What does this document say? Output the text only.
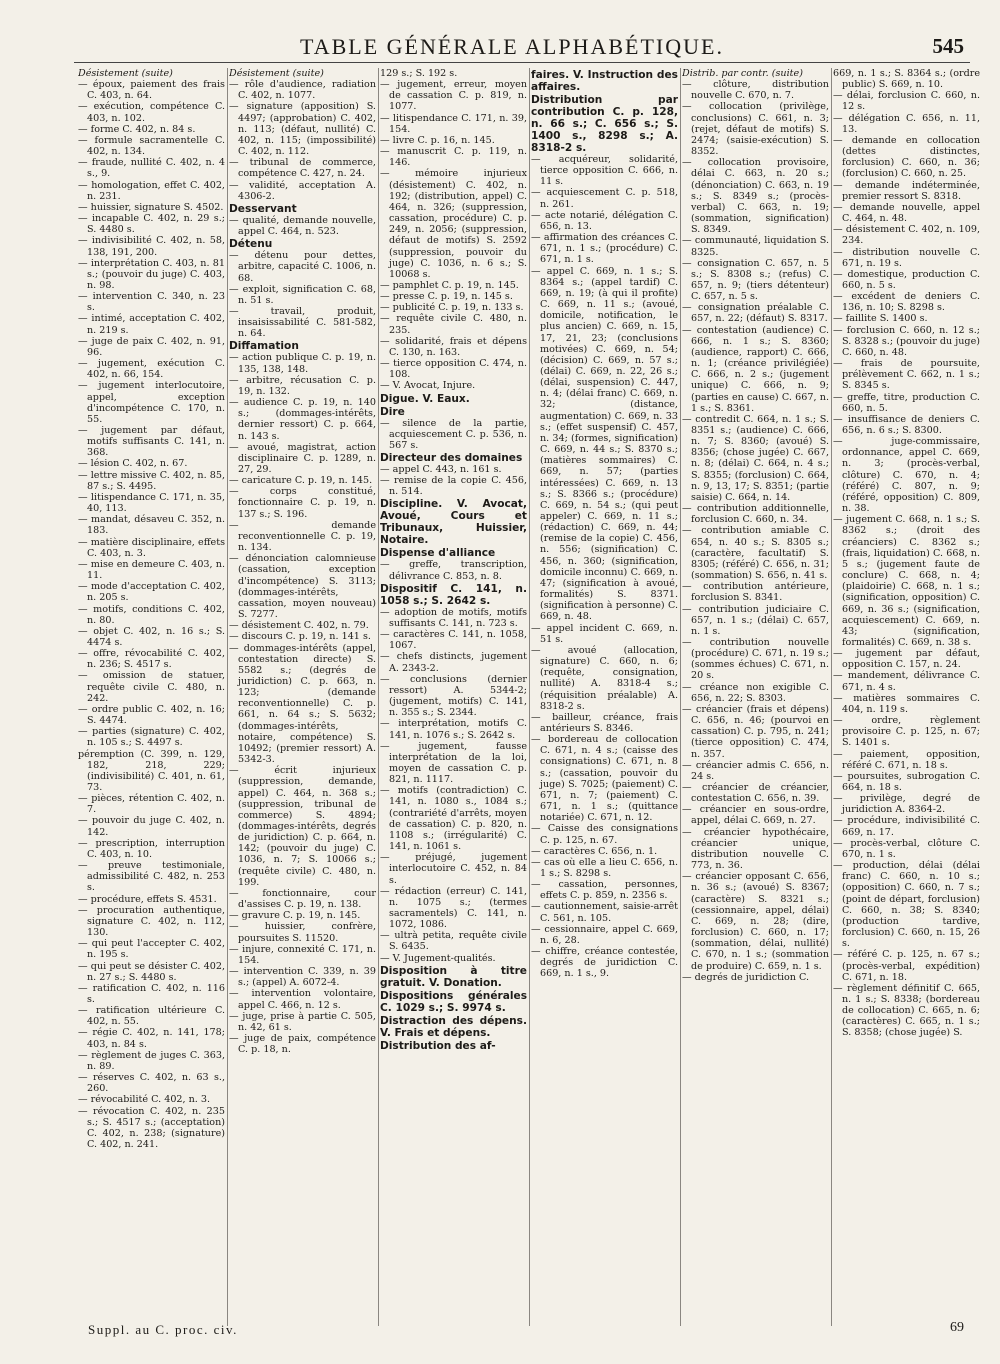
TABLE GÉNÉRALE ALPHABÉTIQUE.	545

Désistement (suite)

— époux, paiement des frais C. 403, n. 64.

— exécution, compétence C. 403, n. 102.

— forme C. 402, n. 84 s.

— formule sacramentelle C. 402, n. 134.

— fraude, nullité C. 402, n. 4 s., 9.

— homologation, effet C. 402, n. 231.

— huissier, signature S. 4502.

— incapable C. 402, n. 29 s.; S. 4480 s.

— indivisibilité C. 402, n. 58, 138, 191, 200.

— interprétation C. 403, n. 81 s.; (pouvoir du juge) C. 403, n. 98.

— intervention C. 340, n. 23 s.

— intimé, acceptation C. 402, n. 219 s.

— juge de paix C. 402, n. 91, 96.

— jugement, exécution C. 402, n. 66, 154.

— jugement interlocutoire, appel, exception d'incompétence C. 170, n. 55.

— jugement par défaut, motifs suffisants C. 141, n. 368.

— lésion C. 402, n. 67.

— lettre missive C. 402, n. 85, 87 s.; S. 4495.

— litispendance C. 171, n. 35, 40, 113.

— mandat, désaveu C. 352, n. 183.

— matière disciplinaire, effets C. 403, n. 3.

— mise en demeure C. 403, n. 11.

— mode d'acceptation C. 402, n. 205 s.

— motifs, conditions C. 402, n. 80.

— objet C. 402, n. 16 s.; S. 4474 s.

— offre, révocabilité C. 402, n. 236; S. 4517 s.

— omission de statuer, requête civile C. 480, n. 242.

— ordre public C. 402, n. 16; S. 4474.

— parties (signature) C. 402, n. 105 s.; S. 4497 s.

péremption (C. 399, n. 129, 182, 218, 229; (indivisibilité) C. 401, n. 61, 73.

— pièces, rétention C. 402, n. 7.

— pouvoir du juge C. 402, n. 142.

— prescription, interruption C. 403, n. 10.

— preuve testimoniale, admissibilité C. 482, n. 253 s.

— procédure, effets S. 4531.

— procuration authentique, signature C. 402, n. 112, 130.

— qui peut l'accepter C. 402, n. 195 s.

— qui peut se désister C. 402, n. 27 s.; S. 4480 s.

— ratification C. 402, n. 116 s.

— ratification ultérieure C. 402, n. 55.

— régie C. 402, n. 141, 178; 403, n. 84 s.

— règlement de juges C. 363, n. 89.

— réserves C. 402, n. 63 s., 260.

— révocabilité C. 402, n. 3.

— révocation C. 402, n. 235 s.; S. 4517 s.; (acceptation) C. 402, n. 238; (signature) C. 402, n. 241.

Désistement (suite)

— rôle d'audience, radiation C. 402, n. 1077.

— signature (apposition) S. 4497; (approbation) C. 402, n. 113; (défaut, nullité) C. 402, n. 115; (impossibilité) C. 402, n. 112.

— tribunal de commerce, compétence C. 427, n. 24.

— validité, acceptation A. 4306-2.

Desservant

— qualité, demande nouvelle, appel C. 464, n. 523.

Détenu

— détenu pour dettes, arbitre, capacité C. 1006, n. 68.

— exploit, signification C. 68, n. 51 s.

— travail, produit, insaisissabilité C. 581-582, n. 64.

Diffamation

— action publique C. p. 19, n. 135, 138, 148.

— arbitre, récusation C. p. 19, n. 132.

— audience C. p. 19, n. 140 s.; (dommages-intérêts, dernier ressort) C. p. 664, n. 143 s.

— avoué, magistrat, action disciplinaire C. p. 1289, n. 27, 29.

— caricature C. p. 19, n. 145.

— corps constitué, fonctionnaire C. p. 19, n. 137 s.; S. 196.

— demande reconventionnelle C. p. 19, n. 134.

— dénonciation calomnieuse (cassation, exception d'incompétence) S. 3113; (dommages-intérêts, cassation, moyen nouveau) S. 7277.

— désistement C. 402, n. 79.

— discours C. p. 19, n. 141 s.

— dommages-intérêts (appel, contestation directe) S. 5582 s.; (degrés de juridiction) C. p. 663, n. 123; (demande reconventionnelle) C. p. 661, n. 64 s.; S. 5632; (dommages-intérêts, notaire, compétence) S. 10492; (premier ressort) A. 5342-3.

— écrit injurieux (suppression, demande, appel) C. 464, n. 368 s.; (suppression, tribunal de commerce) S. 4894; (dommages-intérêts, degrés de juridiction) C. p. 664, n. 142; (pouvoir du juge) C. 1036, n. 7; S. 10066 s.; (requête civile) C. 480, n. 199.

— fonctionnaire, cour d'assises C. p. 19, n. 138.

— gravure C. p. 19, n. 145.

— huissier, confrère, poursuites S. 11520.

— injure, connexité C. 171, n. 154.

— intervention C. 339, n. 39 s.; (appel) A. 6072-4.

— intervention volontaire, appel C. 466, n. 12 s.

— juge, prise à partie C. 505, n. 42, 61 s.

— juge de paix, compétence C. p. 18, n.

129 s.; S. 192 s.

— jugement, erreur, moyen de cassation C. p. 819, n. 1077.

— litispendance C. 171, n. 39, 154.

— livre C. p. 16, n. 145.

— manuscrit C. p. 119, n. 146.

— mémoire injurieux (désistement) C. 402, n. 192; (distribution, appel) C. 464, n. 326; (suppression, cassation, procédure) C. p. 249, n. 2056; (suppression, défaut de motifs) S. 2592 (suppression, pouvoir du juge) C. 1036, n. 6 s.; S. 10068 s.

— pamphlet C. p. 19, n. 145.

— presse C. p. 19, n. 145 s.

— publicité C. p. 19, n. 133 s.

— requête civile C. 480, n. 235.

— solidarité, frais et dépens C. 130, n. 163.

— tierce opposition C. 474, n. 108.

— V. Avocat, Injure.

Digue. V. Eaux.

Dire

— silence de la partie, acquiescement C. p. 536, n. 567 s.

Directeur des domaines

— appel C. 443, n. 161 s.

— remise de la copie C. 456, n. 514.

Discipline. V. Avocat, Avoué, Cours et Tribunaux, Huissier, Notaire.

Dispense d'alliance

— greffe, transcription, délivrance C. 853, n. 8.

Dispositif C. 141, n. 1058 s.; S. 2642 s.

— adoption de motifs, motifs suffisants C. 141, n. 723 s.

— caractères C. 141, n. 1058, 1067.

— chefs distincts, jugement A. 2343-2.

— conclusions (dernier ressort) A. 5344-2; (jugement, motifs) C. 141, n. 355 s.; S. 2344.

— interprétation, motifs C. 141, n. 1076 s.; S. 2642 s.

— jugement, fausse interprétation de la loi, moyen de cassation C. p. 821, n. 1117.

— motifs (contradiction) C. 141, n. 1080 s., 1084 s.; (contrariété d'arrêts, moyen de cassation) C. p. 820, n. 1108 s.; (irrégularité) C. 141, n. 1061 s.

— préjugé, jugement interlocutoire C. 452, n. 84 s.

— rédaction (erreur) C. 141, n. 1075 s.; (termes sacramentels) C. 141, n. 1072, 1086.

— ultrà petita, requête civile S. 6435.

— V. Jugement-qualités.

Disposition à titre gratuit. V. Donation.

Dispositions générales C. 1029 s.; S. 9974 s.

Distraction des dépens. V. Frais et dépens.

Distribution des af-

faires. V. Instruction des affaires.

Distribution par contribution C. p. 128, n. 66 s.; C. 656 s.; S. 1400 s., 8298 s.; A. 8318-2 s.

— acquéreur, solidarité, tierce opposition C. 666, n. 11 s.

— acquiescement C. p. 518, n. 261.

— acte notarié, délégation C. 656, n. 13.

— affirmation des créances C. 671, n. 1 s.; (procédure) C. 671, n. 1 s.

— appel C. 669, n. 1 s.; S. 8364 s.; (appel tardif) C. 669, n. 19; (à qui il profite) C. 669, n. 11 s.; (avoué, domicile, notification, le plus ancien) C. 669, n. 15, 17, 21, 23; (conclusions motivées) C. 669, n. 54; (décision) C. 669, n. 57 s.; (délai) C. 669, n. 22, 26 s.; (délai, suspension) C. 447, n. 4; (délai franc) C. 669, n. 32; (distance, augmentation) C. 669, n. 33 s.; (effet suspensif) C. 457, n. 34; (formes, signification) C. 669, n. 44 s.; S. 8370 s.; (matières sommaires) C. 669, n. 57; (parties intéressées) C. 669, n. 13 s.; S. 8366 s.; (procédure) C. 669, n. 54 s.; (qui peut appeler) C. 669, n. 11 s.; (rédaction) C. 669, n. 44; (remise de la copie) C. 456, n. 556; (signification) C. 456, n. 360; (signification, domicile inconnu) C. 669, n. 47; (signification à avoué, formalités) S. 8371. (signification à personne) C. 669, n. 48.

— appel incident C. 669, n. 51 s.

— avoué (allocation, signature) C. 660, n. 6; (requête, consignation, nullité) A. 8318-4 s.; (réquisition préalable) A. 8318-2 s.

— bailleur, créance, frais antérieurs S. 8346.

— bordereau de collocation C. 671, n. 4 s.; (caisse des consignations) C. 671, n. 8 s.; (cassation, pouvoir du juge) S. 7025; (paiement) C. 671, n. 7; (paiement) C. 671, n. 1 s.; (quittance notariée) C. 671, n. 12.

— Caisse des consignations C. p. 125, n. 67.

— caractères C. 656, n. 1.

— cas où elle a lieu C. 656, n. 1 s.; S. 8298 s.

— cassation, personnes, effets C. p. 859, n. 2356 s.

— cautionnement, saisie-arrêt C. 561, n. 105.

— cessionnaire, appel C. 669, n. 6, 28.

— chiffre, créance contestée, degrés de juridiction C. 669, n. 1 s., 9.

Distrib. par contr. (suite)

— clôture, distribution nouvelle C. 670, n. 7.

— collocation (privilège, conclusions) C. 661, n. 3; (rejet, défaut de motifs) S. 2474; (saisie-exécution) S. 8352.

— collocation provisoire, délai C. 663, n. 20 s.; (dénonciation) C. 663, n. 19 s.; S. 8349 s.; (procès-verbal) C. 663, n. 19; (sommation, signification) S. 8349.

— communauté, liquidation S. 8325.

— consignation C. 657, n. 5 s.; S. 8308 s.; (refus) C. 657, n. 9; (tiers détenteur) C. 657, n. 5 s.

— consignation préalable C. 657, n. 22; (défaut) S. 8317.

— contestation (audience) C. 666, n. 1 s.; S. 8360; (audience, rapport) C. 666, n. 1; (créance privilégiée) C. 666, n. 2 s.; (jugement unique) C. 666, n. 9; (parties en cause) C. 667, n. 1 s.; S. 8361.

— contredit C. 664, n. 1 s.; S. 8351 s.; (audience) C. 666, n. 7; S. 8360; (avoué) S. 8356; (chose jugée) C. 667, n. 8; (délai) C. 664, n. 4 s.; S. 8355; (forclusion) C. 664, n. 9, 13, 17; S. 8351; (partie saisie) C. 664, n. 14.

— contribution additionnelle, forclusion C. 660, n. 34.

— contribution amiable C. 654, n. 40 s.; S. 8305 s.; (caractère, facultatif) S. 8305; (référé) C. 656, n. 31; (sommation) S. 656, n. 41 s.

— contribution antérieure, forclusion S. 8341.

— contribution judiciaire C. 657, n. 1 s.; (délai) C. 657, n. 1 s.

— contribution nouvelle (procédure) C. 671, n. 19 s.; (sommes échues) C. 671, n. 20 s.

— créance non exigible C. 656, n. 22; S. 8303.

— créancier (frais et dépens) C. 656, n. 46; (pourvoi en cassation) C. p. 795, n. 241; (tierce opposition) C. 474, n. 357.

— créancier admis C. 656, n. 24 s.

— créancier de créancier, contestation C. 656, n. 39.

— créancier en sous-ordre, appel, délai C. 669, n. 27.

— créancier hypothécaire, créancier unique, distribution nouvelle C. 773, n. 36.

— créancier opposant C. 656, n. 36 s.; (avoué) S. 8367; (caractère) S. 8321 s.; (cessionnaire, appel, délai) C. 669, n. 28; (dire, forclusion) C. 660, n. 17; (sommation, délai, nullité) C. 670, n. 1 s.; (sommation de produire) C. 659, n. 1 s.

— degrés de juridiction C.

669, n. 1 s.; S. 8364 s.; (ordre public) S. 669, n. 10.

— délai, forclusion C. 660, n. 12 s.

— délégation C. 656, n. 11, 13.

— demande en collocation (dettes distinctes, forclusion) C. 660, n. 36; (forclusion) C. 660, n. 25.

— demande indéterminée, premier ressort S. 8318.

— demande nouvelle, appel C. 464, n. 48.

— désistement C. 402, n. 109, 234.

— distribution nouvelle C. 671, n. 19 s.

— domestique, production C. 660, n. 5 s.

— excédent de deniers C. 136, n. 10; S. 8298 s.

— faillite S. 1400 s.

— forclusion C. 660, n. 12 s.; S. 8328 s.; (pouvoir du juge) C. 660, n. 48.

— frais de poursuite, prélèvement C. 662, n. 1 s.; S. 8345 s.

— greffe, titre, production C. 660, n. 5.

— insuffisance de deniers C. 656, n. 6 s.; S. 8300.

— juge-commissaire, ordonnance, appel C. 669, n. 3; (procès-verbal, clôture) C. 670, n. 4; (référé) C. 807, n. 9; (référé, opposition) C. 809, n. 38.

— jugement C. 668, n. 1 s.; S. 8362 s.; (droit des créanciers) C. 8362 s.; (frais, liquidation) C. 668, n. 5 s.; (jugement faute de conclure) C. 668, n. 4; (plaidoirie) C. 668, n. 1 s.; (signification, opposition) C. 669, n. 36 s.; (signification, acquiescement) C. 669, n. 43; (signification, formalités) C. 669, n. 38 s.

— jugement par défaut, opposition C. 157, n. 24.

— mandement, délivrance C. 671, n. 4 s.

— matières sommaires C. 404, n. 119 s.

— ordre, règlement provisoire C. p. 125, n. 67; S. 1401 s.

— paiement, opposition, référé C. 671, n. 18 s.

— poursuites, subrogation C. 664, n. 18 s.

— privilège, degré de juridiction A. 8364-2.

— procédure, indivisibilité C. 669, n. 17.

— procès-verbal, clôture C. 670, n. 1 s.

— production, délai (délai franc) C. 660, n. 10 s.; (opposition) C. 660, n. 7 s.; (point de départ, forclusion) C. 660, n. 38; S. 8340; (production tardive, forclusion) C. 660, n. 15, 26 s.

— référé C. p. 125, n. 67 s.; (procès-verbal, expédition) C. 671, n. 18.

— règlement définitif C. 665, n. 1 s.; S. 8338; (bordereau de collocation) C. 665, n. 6; (caractères) C. 665, n. 1 s.; S. 8358; (chose jugée) S.

Suppl. au C. proc. civ.	69
